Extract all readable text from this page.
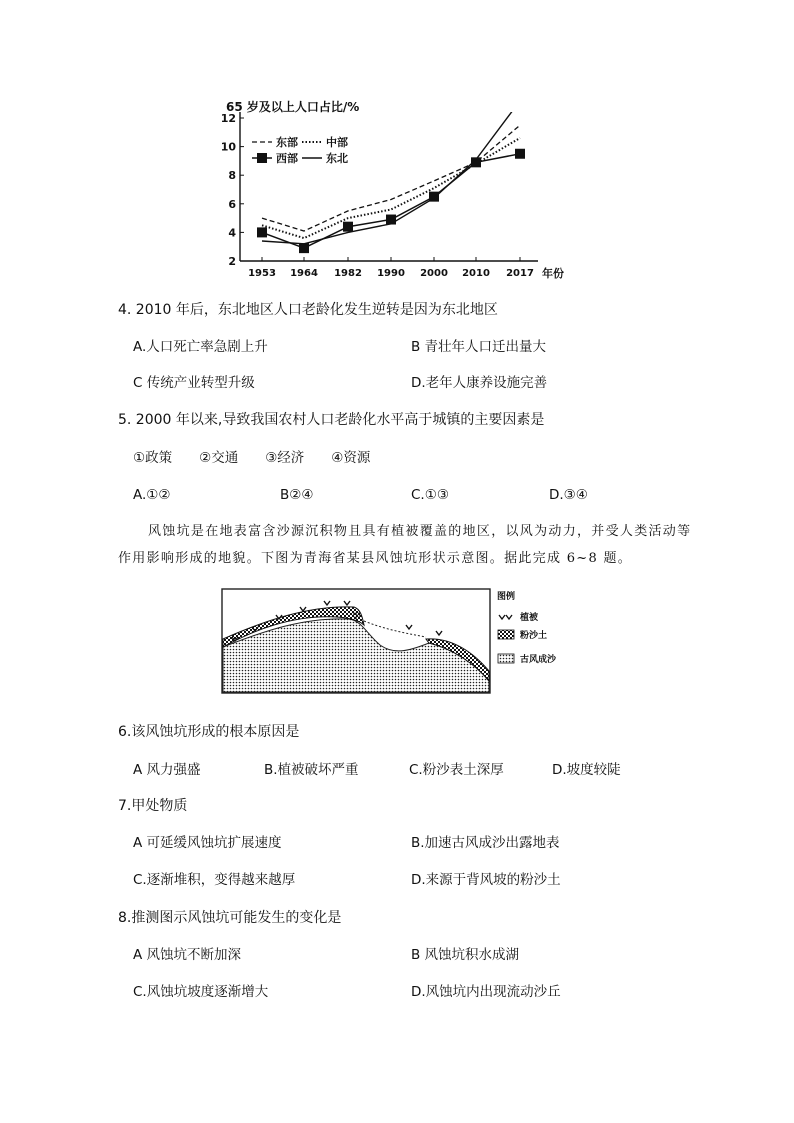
65 岁及以上人口占比/%
12
10
8
6
4
2
1953 1964 1982 1990 2000 2010 2017
东部	中部
西部	东北
年份
4. 2010 年后，东北地区人口老龄化发生逆转是因为东北地区
A.人口死亡率急剧上升	B 青壮年人口迁出量大
C 传统产业转型升级	D.老年人康养设施完善
5. 2000 年以来,导致我国农村人口老龄化水平高于城镇的主要因素是
①政策　　②交通　　③经济　　④资源
A.①②	B②④	C.①③	D.③④
风蚀坑是在地表富含沙源沉积物且具有植被覆盖的地区，以风为动力，并受人类活动等
作用影响形成的地貌。下图为青海省某县风蚀坑形状示意图。据此完成 6~8 题。
甲
图例
植被
粉沙土
古风成沙
6.该风蚀坑形成的根本原因是
A 风力强盛	B.植被破坏严重	C.粉沙表土深厚	D.坡度较陡
7.甲处物质
A 可延缓风蚀坑扩展速度	B.加速古风成沙出露地表
C.逐渐堆积，变得越来越厚	D.来源于背风坡的粉沙土
8.推测图示风蚀坑可能发生的变化是
A 风蚀坑不断加深	B 风蚀坑积水成湖
C.风蚀坑坡度逐渐增大	D.风蚀坑内出现流动沙丘
